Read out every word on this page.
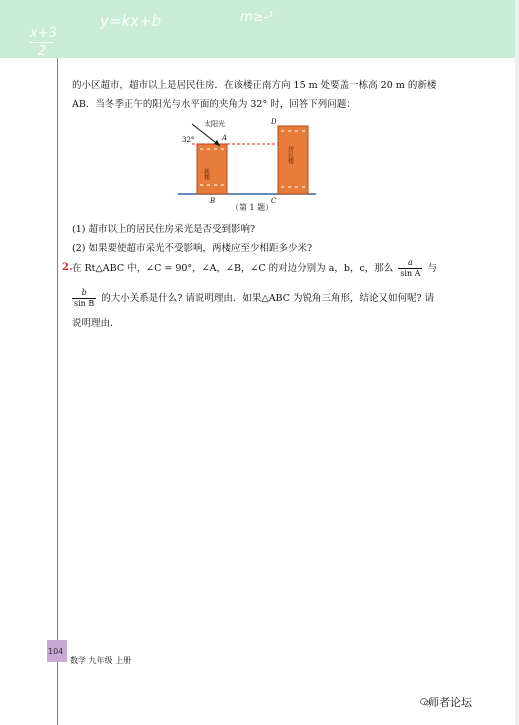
x+3
2
y=kx+b	m≥-¹
的小区超市，超市以上是居民住房．在该楼正南方向 15 m 处要盖一栋高 20 m 的新楼
AB．当冬季正午的阳光与水平面的夹角为 32° 时，回答下列问题：
太阳光
32°	A
B	C
D
新楼
居民楼
（第 1 题）
(1) 超市以上的居民住房采光是否受到影响?
(2) 如果要使超市采光不受影响，两楼应至少相距多少米?
2. 在 Rt△ABC 中，∠C = 90°，∠A，∠B，∠C 的对边分别为 a，b，c，那么 $\frac{a}{\text{sin A}}$ 与
$\frac{b}{\text{sin B}}$ 的大小关系是什么? 请说明理由．如果△ABC 为锐角三角形，结论又如何呢? 请
说明理由．
104
数学 九年级 上册
师者论坛
